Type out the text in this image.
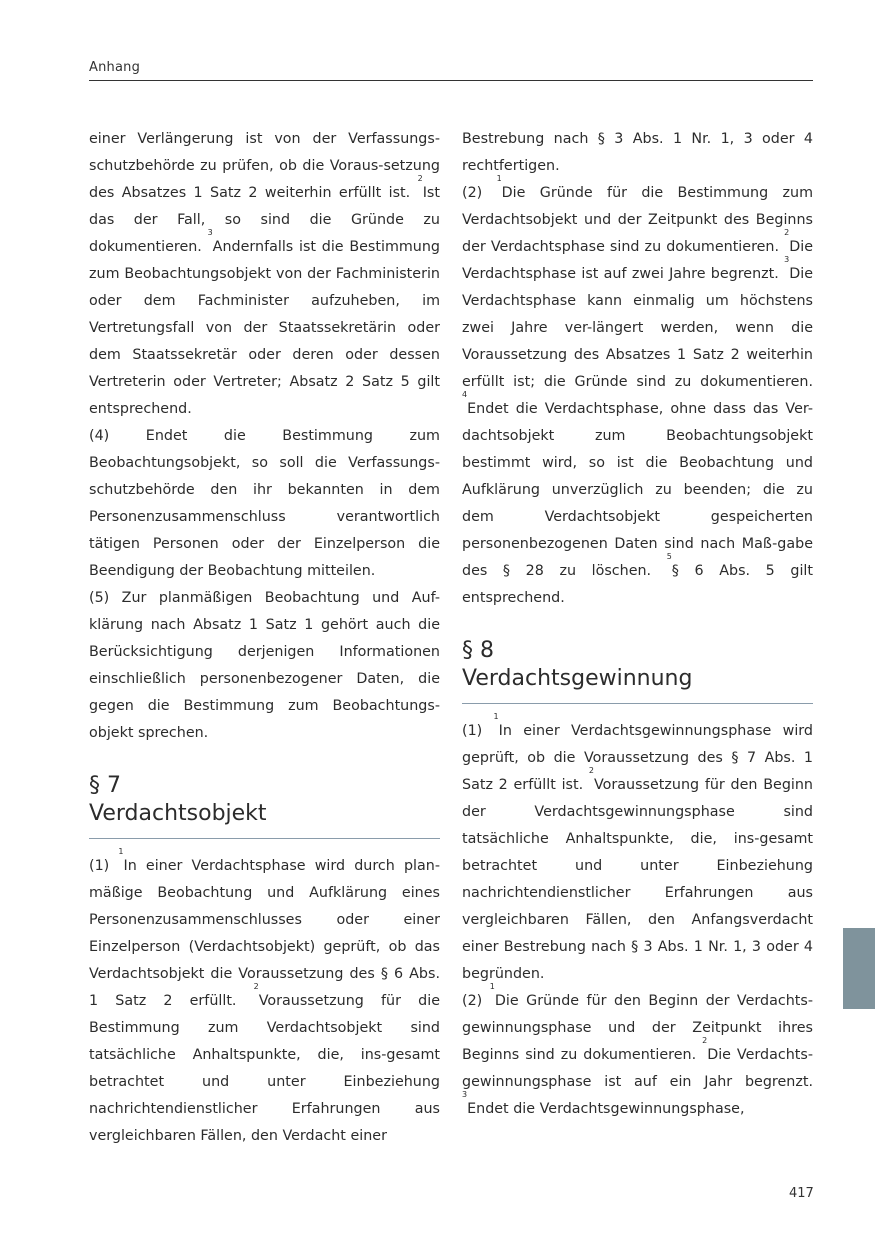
Anhang

einer Verlängerung ist von der Verfassungs-schutzbehörde zu prüfen, ob die Voraus-setzung des Absatzes 1 Satz 2 weiterhin erfüllt ist. $^2$Ist das der Fall, so sind die Gründe zu dokumentieren. $^3$Andernfalls ist die Bestimmung zum Beobachtungsobjekt von der Fachministerin oder dem Fachminister aufzuheben, im Vertretungsfall von der Staatssekretärin oder dem Staatssekretär oder deren oder dessen Vertreterin oder Vertreter; Absatz 2 Satz 5 gilt entsprechend.

(4) Endet die Bestimmung zum Beobachtungsobjekt, so soll die Verfassungs-schutzbehörde den ihr bekannten in dem Personenzusammenschluss verantwortlich tätigen Personen oder der Einzelperson die Beendigung der Beobachtung mitteilen.

(5) Zur planmäßigen Beobachtung und Auf-klärung nach Absatz 1 Satz 1 gehört auch die Berücksichtigung derjenigen Informationen einschließlich personenbezogener Daten, die gegen die Bestimmung zum Beobachtungs-objekt sprechen.

§ 7
Verdachtsobjekt

(1) $^1$In einer Verdachtsphase wird durch plan-mäßige Beobachtung und Aufklärung eines Personenzusammenschlusses oder einer Einzelperson (Verdachtsobjekt) geprüft, ob das Verdachtsobjekt die Voraussetzung des § 6 Abs. 1 Satz 2 erfüllt. $^2$Voraussetzung für die Bestimmung zum Verdachtsobjekt sind tatsächliche Anhaltspunkte, die, ins-gesamt betrachtet und unter Einbeziehung nachrichtendienstlicher Erfahrungen aus vergleichbaren Fällen, den Verdacht einer

Bestrebung nach § 3 Abs. 1 Nr. 1, 3 oder 4 rechtfertigen.

(2) $^1$Die Gründe für die Bestimmung zum Verdachtsobjekt und der Zeitpunkt des Beginns der Verdachtsphase sind zu dokumentieren. $^2$Die Verdachtsphase ist auf zwei Jahre begrenzt. $^3$Die Verdachtsphase kann einmalig um höchstens zwei Jahre ver-längert werden, wenn die Voraussetzung des Absatzes 1 Satz 2 weiterhin erfüllt ist; die Gründe sind zu dokumentieren. $^4$Endet die Verdachtsphase, ohne dass das Ver-dachtsobjekt zum Beobachtungsobjekt bestimmt wird, so ist die Beobachtung und Aufklärung unverzüglich zu beenden; die zu dem Verdachtsobjekt gespeicherten personenbezogenen Daten sind nach Maß-gabe des § 28 zu löschen. $^5$§ 6 Abs. 5 gilt entsprechend.

§ 8
Verdachtsgewinnung

(1) $^1$In einer Verdachtsgewinnungsphase wird geprüft, ob die Voraussetzung des § 7 Abs. 1 Satz 2 erfüllt ist. $^2$Voraussetzung für den Beginn der Verdachtsgewinnungsphase sind tatsächliche Anhaltspunkte, die, ins-gesamt betrachtet und unter Einbeziehung nachrichtendienstlicher Erfahrungen aus vergleichbaren Fällen, den Anfangsverdacht einer Bestrebung nach § 3 Abs. 1 Nr. 1, 3 oder 4 begründen.

(2) $^1$Die Gründe für den Beginn der Verdachts-gewinnungsphase und der Zeitpunkt ihres Beginns sind zu dokumentieren. $^2$Die Verdachts-gewinnungsphase ist auf ein Jahr begrenzt. $^3$Endet die Verdachtsgewinnungsphase,

417
